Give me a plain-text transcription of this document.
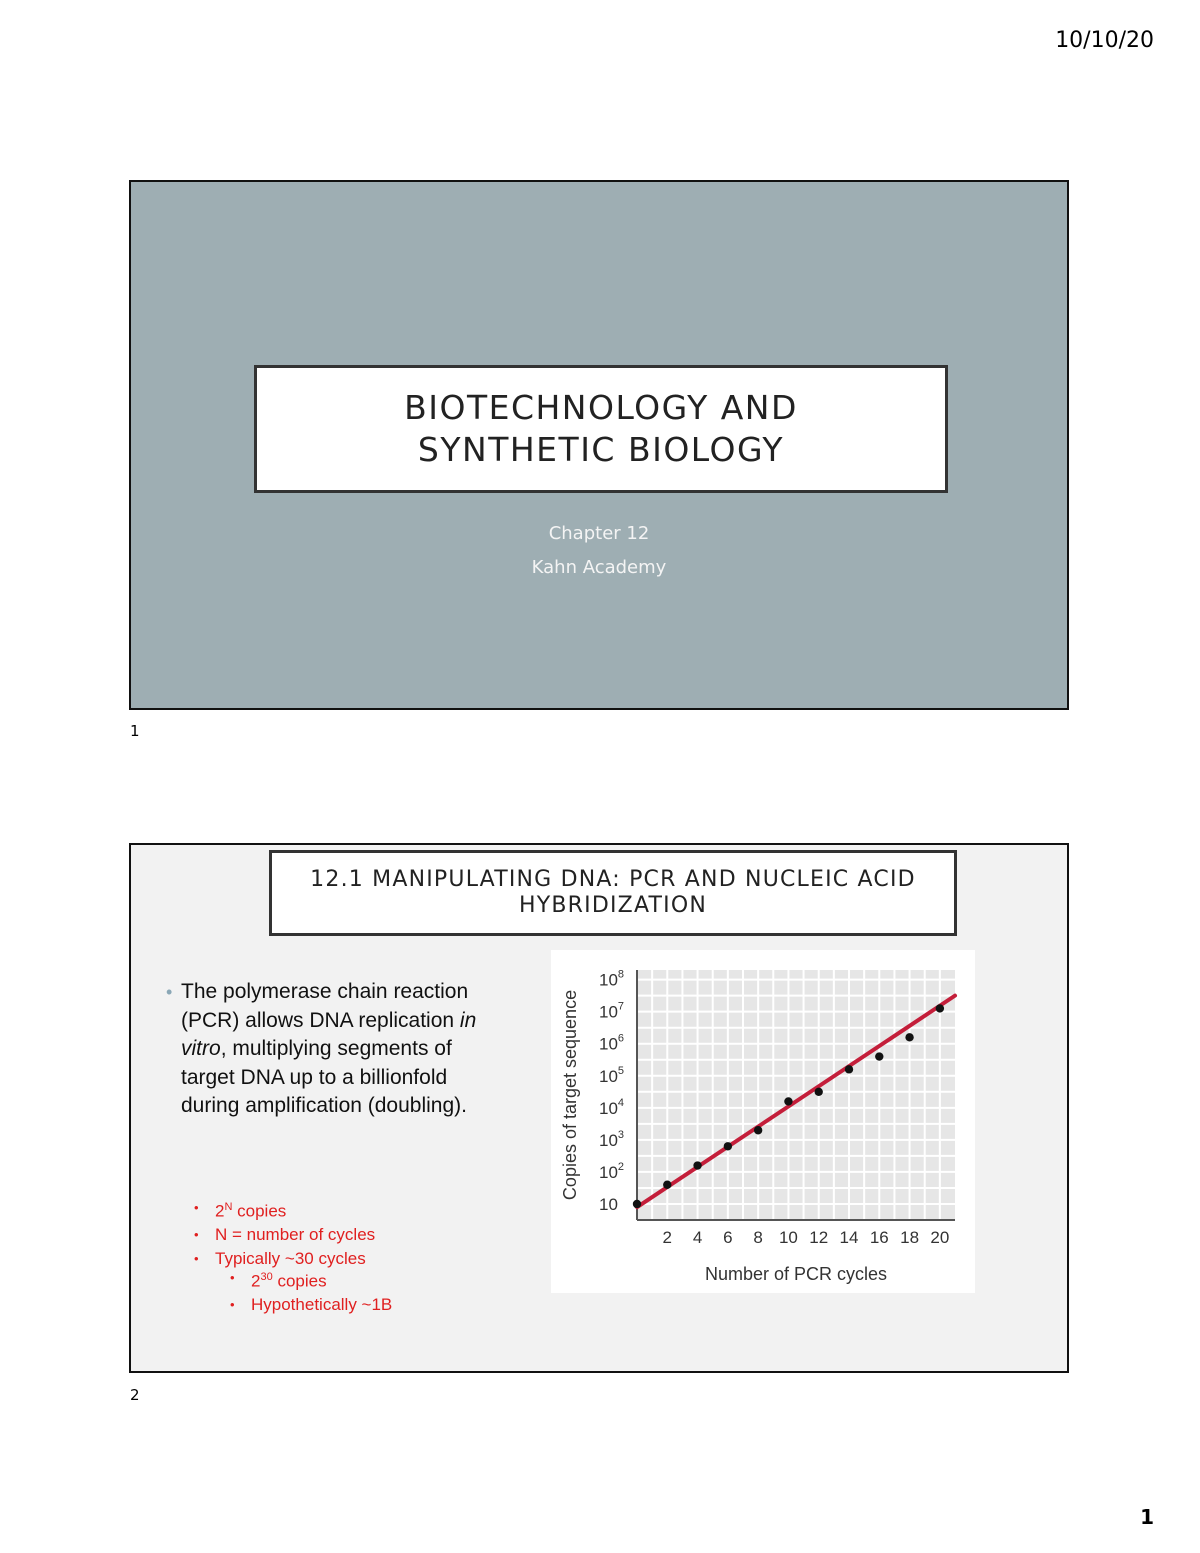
10/10/20
BIOTECHNOLOGY AND
SYNTHETIC BIOLOGY
Chapter 12
Kahn Academy
1
12.1 MANIPULATING DNA: PCR AND NUCLEIC ACID
HYBRIDIZATION
• The polymerase chain reaction (PCR) allows DNA replication in vitro, multiplying segments of target DNA up to a billionfold during amplification (doubling).
• $2^N$ copies
• N = number of cycles
• Typically ~30 cycles
• $2^{30}$ copies
• Hypothetically ~1B
2 4 6 8 10 12 14 16 18 20
10
$10^2$
$10^3$
$10^4$
$10^5$
$10^6$
$10^7$
$10^8$
Number of PCR cycles
Copies of target sequence
2
1
